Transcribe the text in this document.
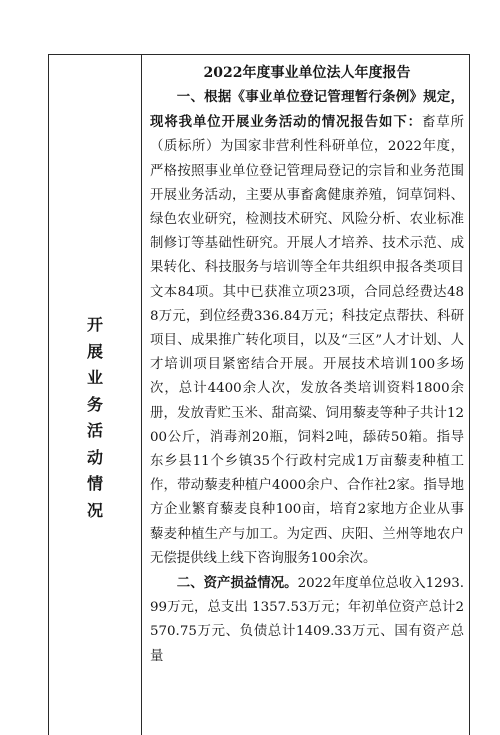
开展业务活动情况

2022年度事业单位法人年度报告

一、根据《事业单位登记管理暂行条例》规定，现将我单位开展业务活动的情况报告如下：畜草所（质标所）为国家非营利性科研单位，2022年度，严格按照事业单位登记管理局登记的宗旨和业务范围开展业务活动，主要从事畜禽健康养殖，饲草饲料、绿色农业研究，检测技术研究、风险分析、农业标准制修订等基础性研究。开展人才培养、技术示范、成果转化、科技服务与培训等全年共组织申报各类项目文本84项。其中已获准立项23项，合同总经费达488万元，到位经费336.84万元；科技定点帮扶、科研项目、成果推广转化项目，以及“三区”人才计划、人才培训项目紧密结合开展。开展技术培训100多场次，总计4400余人次，发放各类培训资料1800余册，发放青贮玉米、甜高粱、饲用藜麦等种子共计1200公斤，消毒剂20瓶，饲料2吨，舔砖50箱。指导东乡县11个乡镇35个行政村完成1万亩藜麦种植工作，带动藜麦种植户4000余户、合作社2家。指导地方企业繁育藜麦良种100亩，培育2家地方企业从事藜麦种植生产与加工。为定西、庆阳、兰州等地农户无偿提供线上线下咨询服务100余次。

二、资产损益情况。2022年度单位总收入1293.99万元，总支出 1357.53万元；年初单位资产总计2570.75万元、负债总计1409.33万元、国有资产总量
